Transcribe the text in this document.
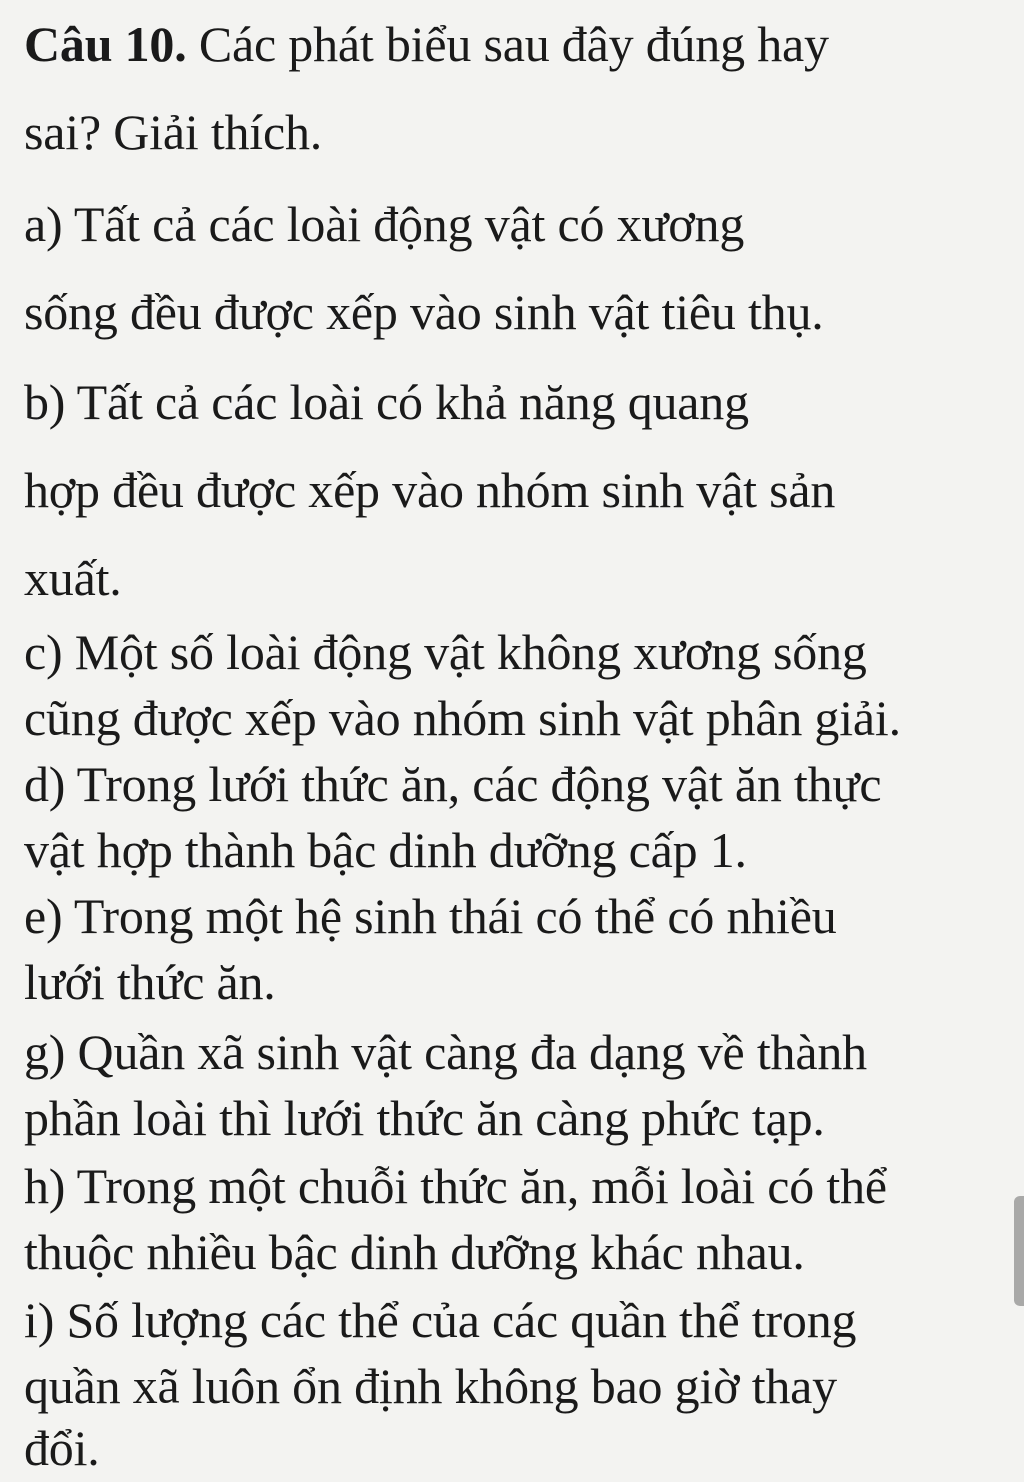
Câu 10. Các phát biểu sau đây đúng hay
sai? Giải thích.
a) Tất cả các loài động vật có xương
sống đều được xếp vào sinh vật tiêu thụ.
b) Tất cả các loài có khả năng quang
hợp đều được xếp vào nhóm sinh vật sản
xuất.
c) Một số loài động vật không xương sống
cũng được xếp vào nhóm sinh vật phân giải.
d) Trong lưới thức ăn, các động vật ăn thực
vật hợp thành bậc dinh dưỡng cấp 1.
e) Trong một hệ sinh thái có thể có nhiều
lưới thức ăn.
g) Quần xã sinh vật càng đa dạng về thành
phần loài thì lưới thức ăn càng phức tạp.
h) Trong một chuỗi thức ăn, mỗi loài có thể
thuộc nhiều bậc dinh dưỡng khác nhau.
i) Số lượng các thể của các quần thể trong
quần xã luôn ổn định không bao giờ thay
đổi.
